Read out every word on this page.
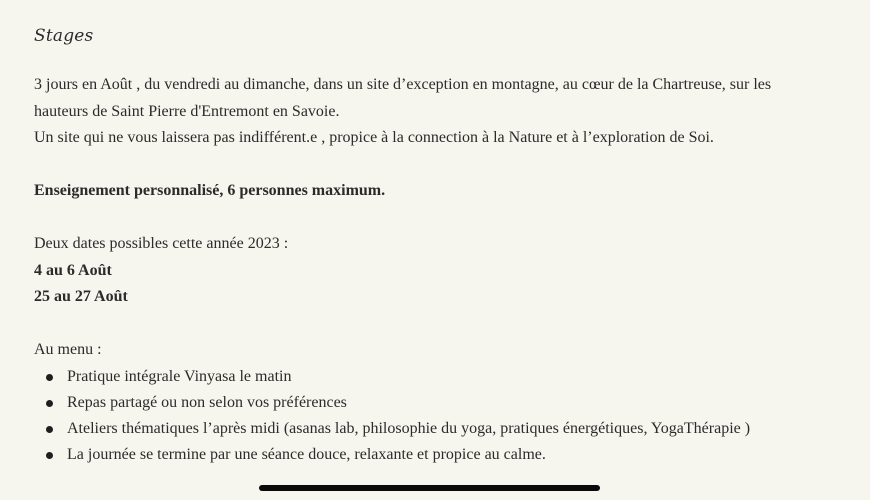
Stages

3 jours en Août , du vendredi au dimanche, dans un site d’exception en montagne, au cœur de la Chartreuse, sur les

hauteurs de Saint Pierre d'Entremont en Savoie.

Un site qui ne vous laissera pas indifférent.e , propice à la connection à la Nature et à l’exploration de Soi.

Enseignement personnalisé, 6 personnes maximum.

Deux dates possibles cette année 2023 :

4 au 6 Août

25 au 27 Août

Au menu :

Pratique intégrale Vinyasa le matin
Repas partagé ou non selon vos préférences
Ateliers thématiques l’après midi (asanas lab, philosophie du yoga, pratiques énergétiques, YogaThérapie )
La journée se termine par une séance douce, relaxante et propice au calme.
